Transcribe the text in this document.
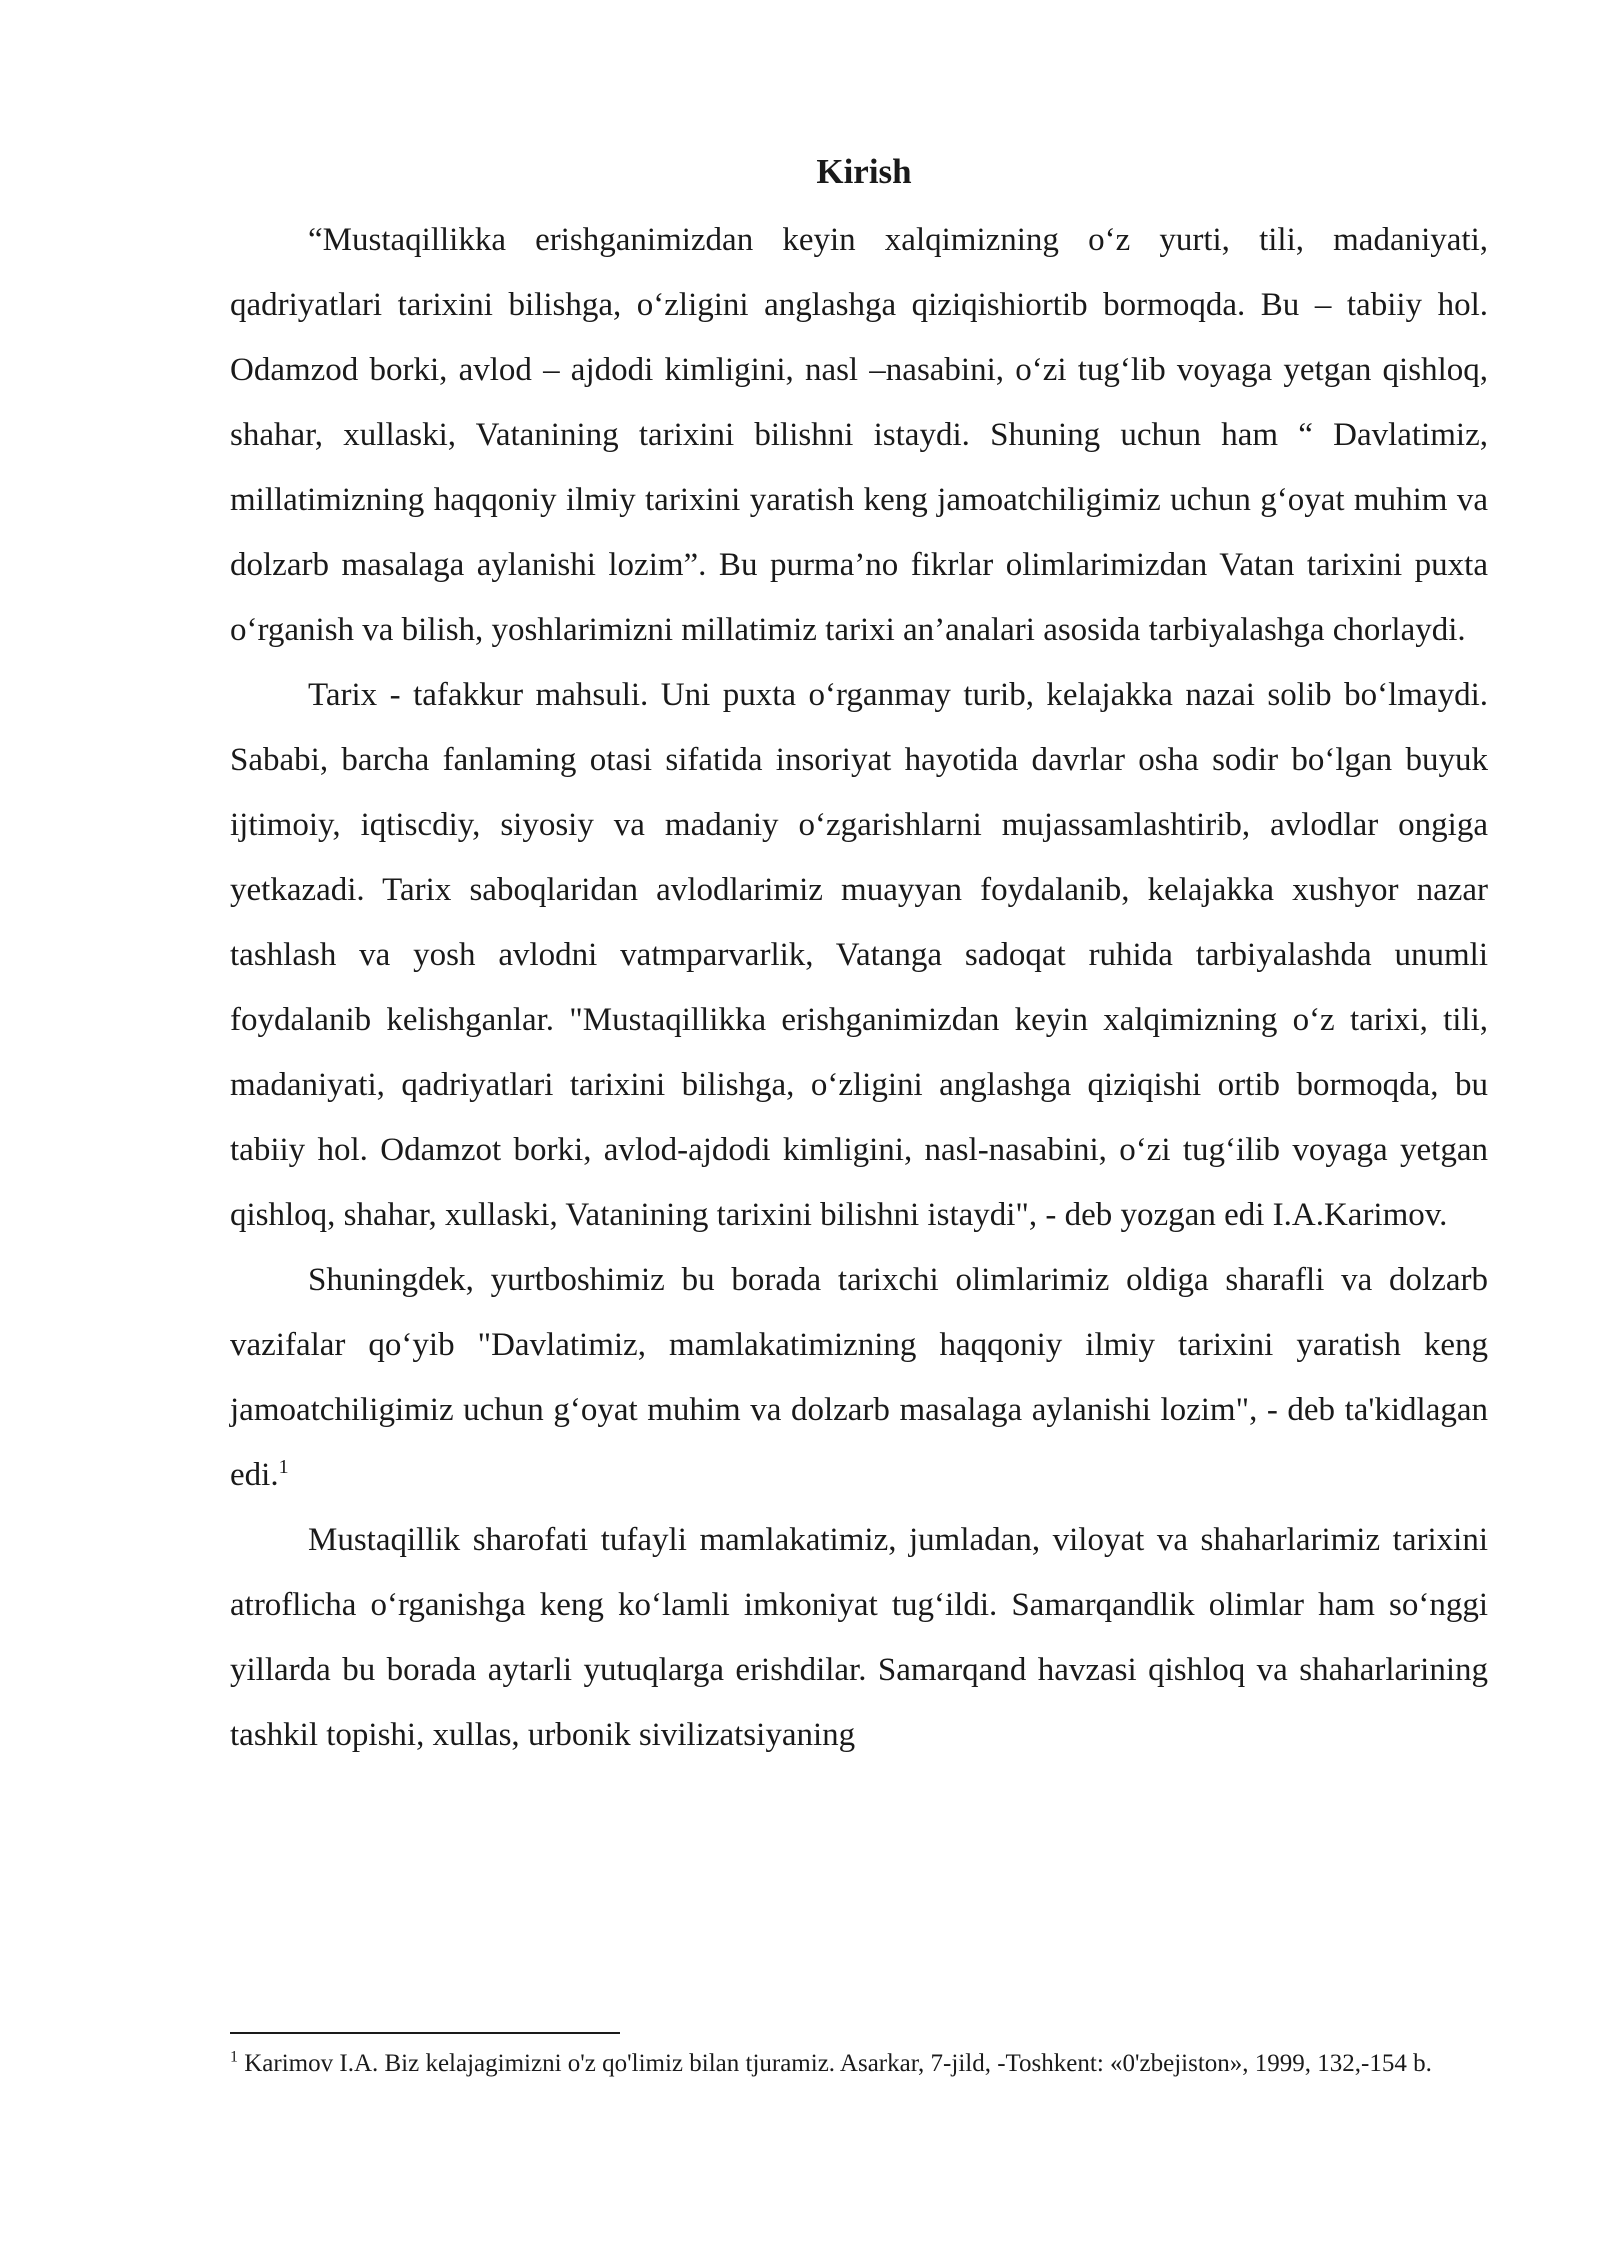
Kirish

“Mustaqillikka erishganimizdan keyin xalqimizning o‘z yurti, tili, madaniyati, qadriyatlari tarixini bilishga, o‘zligini anglashga qiziqishiortib bormoqda. Bu – tabiiy hol. Odamzod borki, avlod – ajdodi kimligini, nasl –nasabini, o‘zi tug‘lib voyaga yetgan qishloq, shahar, xullaski, Vatanining tarixini bilishni istaydi. Shuning uchun ham “ Davlatimiz, millatimizning haqqoniy ilmiy tarixini yaratish keng jamoatchiligimiz uchun g‘oyat muhim va dolzarb masalaga aylanishi lozim”. Bu purma’no fikrlar olimlarimizdan Vatan tarixini puxta o‘rganish va bilish, yoshlarimizni millatimiz tarixi an’analari asosida tarbiyalashga chorlaydi.

Tarix - tafakkur mahsuli. Uni puxta o‘rganmay turib, kelajakka nazai solib bo‘lmaydi. Sababi, barcha fanlaming otasi sifatida insoriyat hayotida davrlar osha sodir bo‘lgan buyuk ijtimoiy, iqtiscdiy, siyosiy va madaniy o‘zgarishlarni mujassamlashtirib, avlodlar ongiga yetkazadi. Tarix saboqlaridan avlodlarimiz muayyan foydalanib, kelajakka xushyor nazar tashlash va yosh avlodni vatmparvarlik, Vatanga sadoqat ruhida tarbiyalashda unumli foydalanib kelishganlar. "Mustaqillikka erishganimizdan keyin xalqimizning o‘z tarixi, tili, madaniyati, qadriyatlari tarixini bilishga, o‘zligini anglashga qiziqishi ortib bormoqda, bu tabiiy hol. Odamzot borki, avlod-ajdodi kimligini, nasl-nasabini, o‘zi tug‘ilib voyaga yetgan qishloq, shahar, xullaski, Vatanining tarixini bilishni istaydi", - deb yozgan edi I.A.Karimov.

Shuningdek, yurtboshimiz bu borada tarixchi olimlarimiz oldiga sharafli va dolzarb vazifalar qo‘yib "Davlatimiz, mamlakatimizning haqqoniy ilmiy tarixini yaratish keng jamoatchiligimiz uchun g‘oyat muhim va dolzarb masalaga aylanishi lozim", - deb ta'kidlagan edi.$^1$

Mustaqillik sharofati tufayli mamlakatimiz, jumladan, viloyat va shaharlarimiz tarixini atroflicha o‘rganishga keng ko‘lamli imkoniyat tug‘ildi. Samarqandlik olimlar ham so‘nggi yillarda bu borada aytarli yutuqlarga erishdilar. Samarqand havzasi qishloq va shaharlarining tashkil topishi, xullas, urbonik sivilizatsiyaning

$^1$ Karimov I.A. Biz kelajagimizni o'z qo'limiz bilan tjuramiz. Asarkar, 7-jild, -Toshkent: «0'zbejiston», 1999, 132,-154 b.
